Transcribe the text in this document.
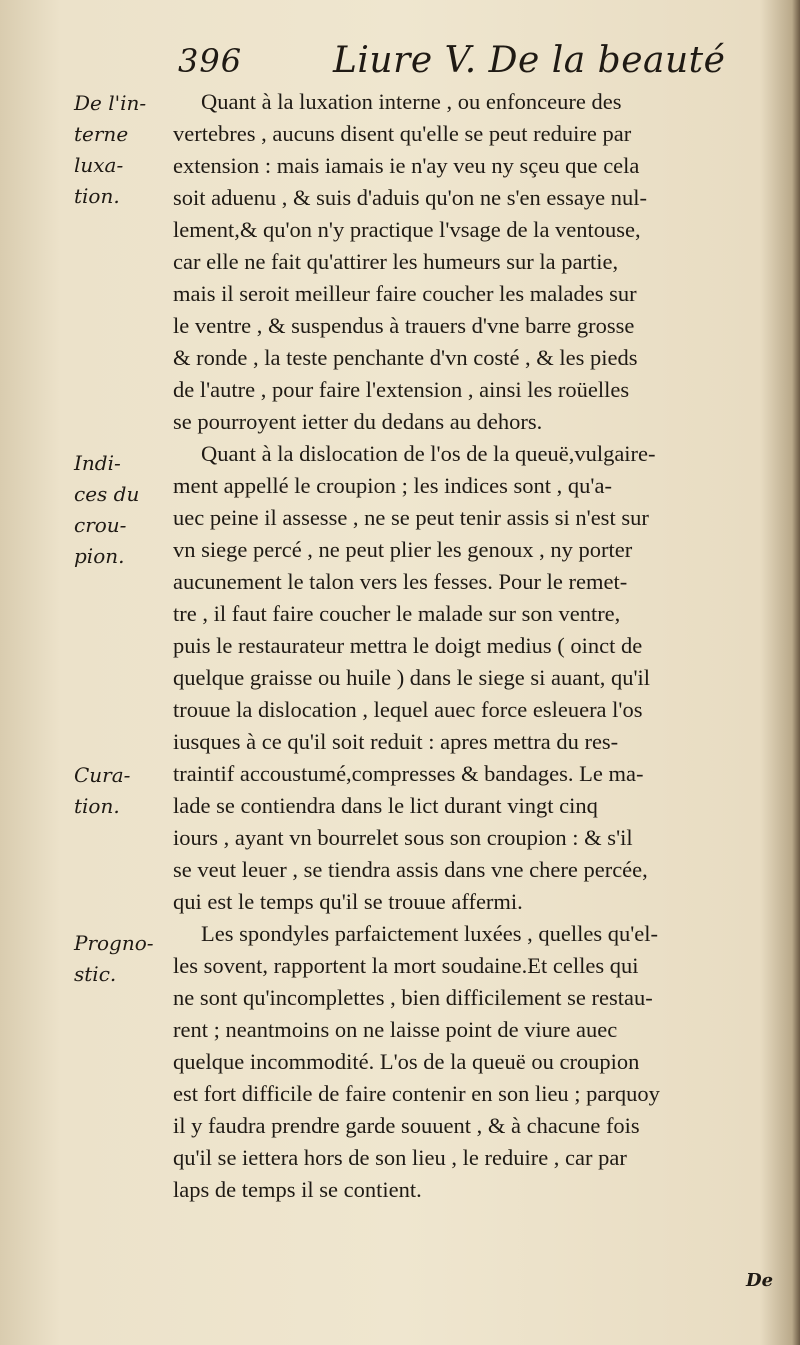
396	Liure V. De la beauté
De l'in-
terne
luxa-
tion.
Indi-
ces du
crou-
pion.
Cura-
tion.
Progno-
stic.
Quant à la luxation interne , ou enfonceure des
vertebres , aucuns disent qu'elle se peut reduire par
extension : mais iamais ie n'ay veu ny sçeu que cela
soit aduenu , & suis d'aduis qu'on ne s'en essaye nul-
lement,& qu'on n'y practique l'vsage de la ventouse,
car elle ne fait qu'attirer les humeurs sur la partie,
mais il seroit meilleur faire coucher les malades sur
le ventre , & suspendus à trauers d'vne barre grosse
& ronde , la teste penchante d'vn costé , & les pieds
de l'autre , pour faire l'extension , ainsi les roüelles
se pourroyent ietter du dedans au dehors.
Quant à la dislocation de l'os de la queuë,vulgaire-
ment appellé le croupion ; les indices sont , qu'a-
uec peine il assesse , ne se peut tenir assis si n'est sur
vn siege percé , ne peut plier les genoux , ny porter
aucunement le talon vers les fesses. Pour le remet-
tre , il faut faire coucher le malade sur son ventre,
puis le restaurateur mettra le doigt medius ( oinct de
quelque graisse ou huile ) dans le siege si auant, qu'il
trouue la dislocation , lequel auec force esleuera l'os
iusques à ce qu'il soit reduit : apres mettra du res-
traintif accoustumé,compresses & bandages. Le ma-
lade se contiendra dans le lict durant vingt cinq
iours , ayant vn bourrelet sous son croupion : & s'il
se veut leuer , se tiendra assis dans vne chere percée,
qui est le temps qu'il se trouue affermi.
Les spondyles parfaictement luxées , quelles qu'el-
les sovent, rapportent la mort soudaine.Et celles qui
ne sont qu'incomplettes , bien difficilement se restau-
rent ; neantmoins on ne laisse point de viure auec
quelque incommodité. L'os de la queuë ou croupion
est fort difficile de faire contenir en son lieu ; parquoy
il y faudra prendre garde souuent , & à chacune fois
qu'il se iettera hors de son lieu , le reduire , car par
laps de temps il se contient.
De
